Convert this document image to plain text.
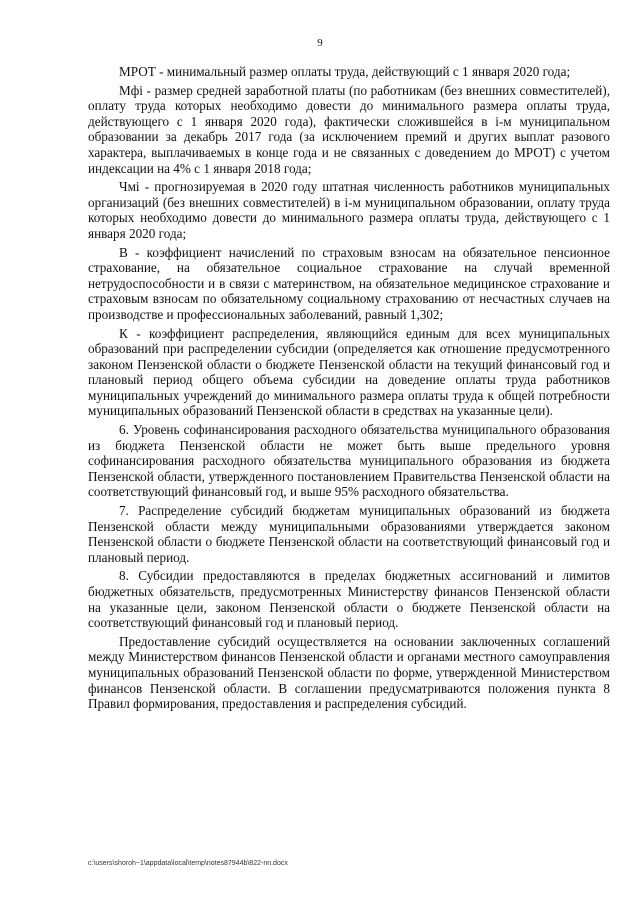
9

МРОТ - минимальный размер оплаты труда, действующий с 1 января 2020 года;

Мфi - размер средней заработной платы (по работникам (без внешних совместителей), оплату труда которых необходимо довести до минимального размера оплаты труда, действующего с 1 января 2020 года), фактически сложившейся в i-м муниципальном образовании за декабрь 2017 года (за исключением премий и других выплат разового характера, выплачиваемых в конце года и не связанных с доведением до МРОТ) с учетом индексации на 4% с 1 января 2018 года;

Чмi - прогнозируемая в 2020 году штатная численность работников муниципальных организаций (без внешних совместителей) в i-м муниципальном образовании, оплату труда которых необходимо довести до минимального размера оплаты труда, действующего с 1 января 2020 года;

В - коэффициент начислений по страховым взносам на обязательное пенсионное страхование, на обязательное социальное страхование на случай временной нетрудоспособности и в связи с материнством, на обязательное медицинское страхование и страховым взносам по обязательному социальному страхованию от несчастных случаев на производстве и профессиональных заболеваний, равный 1,302;

К - коэффициент распределения, являющийся единым для всех муниципальных образований при распределении субсидии (определяется как отношение предусмотренного законом Пензенской области о бюджете Пензенской области на текущий финансовый год и плановый период общего объема субсидии на доведение оплаты труда работников муниципальных учреждений до минимального размера оплаты труда к общей потребности муниципальных образований Пензенской области в средствах на указанные цели).

6. Уровень софинансирования расходного обязательства муниципального образования из бюджета Пензенской области не может быть выше предельного уровня софинансирования расходного обязательства муниципального образования из бюджета Пензенской области, утвержденного постановлением Правительства Пензенской области на соответствующий финансовый год, и выше 95% расходного обязательства.

7. Распределение субсидий бюджетам муниципальных образований из бюджета Пензенской области между муниципальными образованиями утверждается законом Пензенской области о бюджете Пензенской области на соответствующий финансовый год и плановый период.

8. Субсидии предоставляются в пределах бюджетных ассигнований и лимитов бюджетных обязательств, предусмотренных Министерству финансов Пензенской области на указанные цели, законом Пензенской области о бюджете Пензенской области на соответствующий финансовый год и плановый период.

Предоставление субсидий осуществляется на основании заключенных соглашений между Министерством финансов Пензенской области и органами местного самоуправления муниципальных образований Пензенской области по форме, утвержденной Министерством финансов Пензенской области. В соглашении предусматриваются положения пункта 8 Правил формирования, предоставления и распределения субсидий.

c:\users\shoroh~1\appdata\local\temp\notes87944b\822-nn.docx
